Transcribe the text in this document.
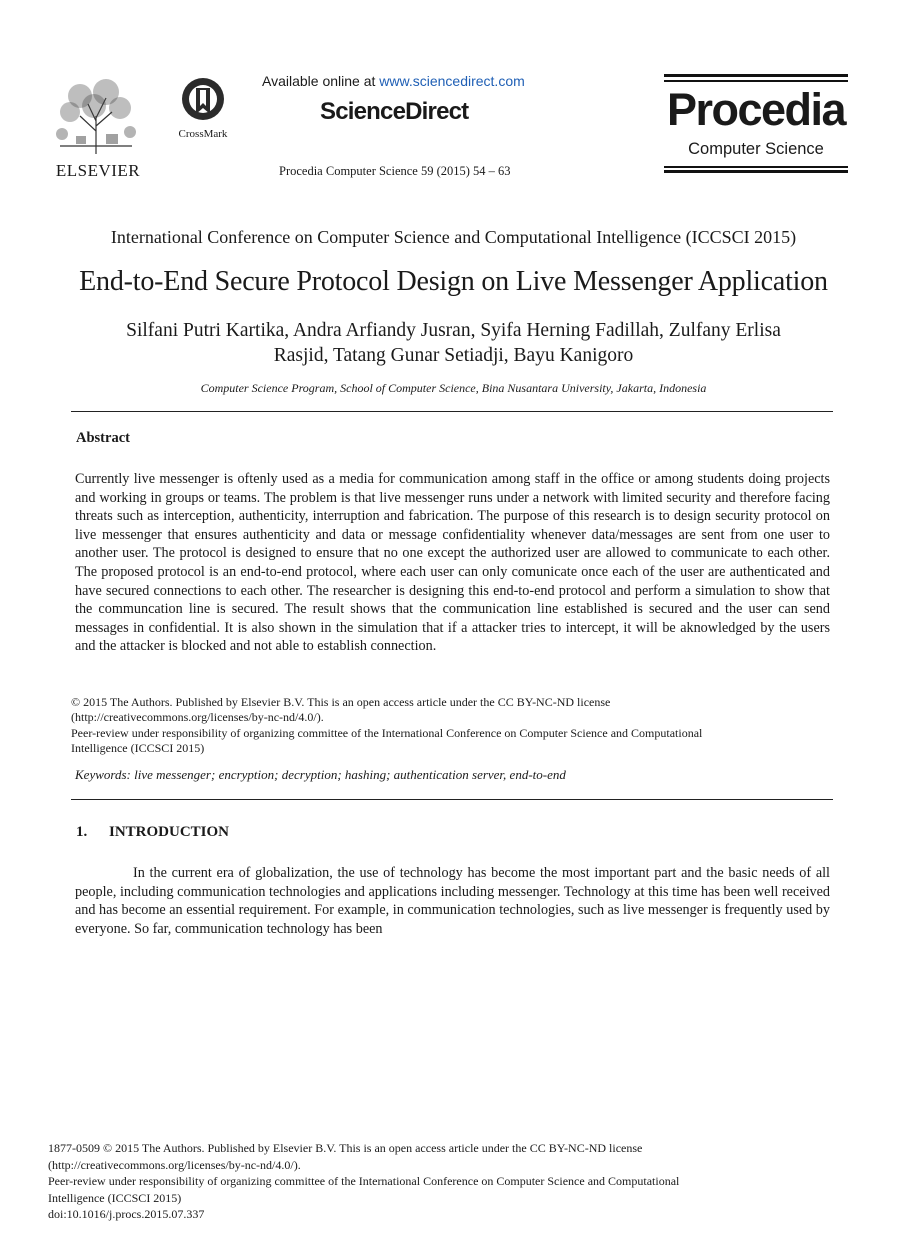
ELSEVIER
CrossMark
Available online at www.sciencedirect.com
ScienceDirect
Procedia Computer Science 59 (2015) 54 – 63
Procedia
Computer Science
International Conference on Computer Science and Computational Intelligence (ICCSCI 2015)
End-to-End Secure Protocol Design on Live Messenger Application
Silfani Putri Kartika, Andra Arfiandy Jusran, Syifa Herning Fadillah, Zulfany Erlisa
Rasjid, Tatang Gunar Setiadji, Bayu Kanigoro
Computer Science Program, School of Computer Science, Bina Nusantara University, Jakarta, Indonesia
Abstract
Currently live messenger is oftenly used as a media for communication among staff in the office or among students doing projects and working in groups or teams. The problem is that live messenger runs under a network with limited security and therefore facing threats such as interception, authenticity, interruption and fabrication. The purpose of this research is to design security protocol on live messenger that ensures authenticity and data or message confidentiality whenever data/messages are sent from one user to another user. The protocol is designed to ensure that no one except the authorized user are allowed to communicate to each other. The proposed protocol is an end-to-end protocol, where each user can only comunicate once each of the user are authenticated and have secured connections to each other. The researcher is designing this end-to-end protocol and perform a simulation to show that the communcation line is secured. The result shows that the communication line established is secured and the user can send messages in confidential. It is also shown in the simulation that if a attacker tries to intercept, it will be aknowledged by the users and the attacker is blocked and not able to establish connection.
© 2015 The Authors. Published by Elsevier B.V. This is an open access article under the CC BY-NC-ND license
(http://creativecommons.org/licenses/by-nc-nd/4.0/).
Peer-review under responsibility of organizing committee of the International Conference on Computer Science and Computational
Intelligence (ICCSCI 2015)
Keywords: live messenger; encryption; decryption; hashing; authentication server, end-to-end
1. INTRODUCTION
In the current era of globalization, the use of technology has become the most important part and the basic needs of all people, including communication technologies and applications including messenger. Technology at this time has been well received and has become an essential requirement. For example, in communication technologies, such as live messenger is frequently used by everyone. So far, communication technology has been
1877-0509 © 2015 The Authors. Published by Elsevier B.V. This is an open access article under the CC BY-NC-ND license
(http://creativecommons.org/licenses/by-nc-nd/4.0/).
Peer-review under responsibility of organizing committee of the International Conference on Computer Science and Computational
Intelligence (ICCSCI 2015)
doi:10.1016/j.procs.2015.07.337
